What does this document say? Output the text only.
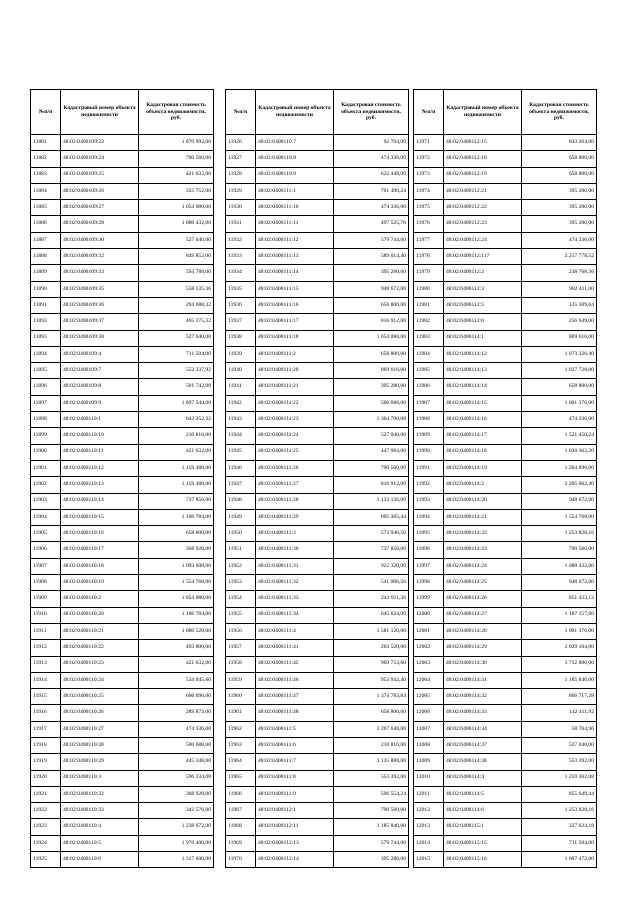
№п/п	Кадастровый номер объекта недвижимости	Кадастровая стоимость объекта недвижимости, руб.
11881	48:02:0400109:22	1 870 992,00
11882	48:02:0400109:24	790 560,00
11883	48:02:0400109:25	421 632,00
11884	48:02:0400109:26	355 752,00
11885	48:02:0400109:27	1 054 080,00
11886	48:02:0400109:28	1 080 432,00
11887	48:02:0400109:30	527 040,00
11888	48:02:0400109:32	849 852,00
11889	48:02:0400109:33	594 788,00
11890	48:02:0400109:35	558 135,36
11891	48:02:0400109:36	294 088,32
11892	48:02:0400109:37	465 375,32
11893	48:02:0400109:38	527 040,00
11894	48:02:0400109:4	711 504,00
11895	48:02:0400109:7	552 337,92
11896	48:02:0400109:8	501 742,08
11897	48:02:0400109:9	1 897 344,00
11898	48:02:0400110:1	643 252,32
11899	48:02:0400110:10	210 816,00
11900	48:02:0400110:11	421 632,00
11901	48:02:0400110:12	1 159 488,00
11902	48:02:0400110:13	1 159 488,00
11903	48:02:0400110:14	737 856,00
11904	48:02:0400110:15	1 106 784,00
11905	48:02:0400110:16	658 800,00
11906	48:02:0400110:17	368 928,00
11907	48:02:0400110:18	1 093 608,00
11908	48:02:0400110:19	1 554 768,00
11909	48:02:0400110:2	1 054 080,00
11910	48:02:0400110:20	1 106 784,00
11911	48:02:0400110:21	1 080 528,00
11912	48:02:0400110:22	493 800,00
11913	48:02:0400110:23	421 632,00
11914	48:02:0400110:24	534 945,60
11915	48:02:0400110:25	606 096,00
11916	48:02:0400110:26	289 872,00
11917	48:02:0400110:27	474 336,00
11918	48:02:0400110:28	500 688,00
11919	48:02:0400110:29	445 348,80
11920	48:02:0400110:3	596 334,08
11921	48:02:0400110:32	368 928,00
11922	48:02:0400110:33	342 576,00
11923	48:02:0400110:4	1 238 072,00
11924	48:02:0400110:5	1 976 400,00
11925	48:02:0400110:6	1 317 600,00
№п/п	Кадастровый номер объекта недвижимости	Кадастровая стоимость объекта недвижимости, руб.
11926	48:02:0400110:7	92 704,00
11927	48:02:0400110:8	474 336,00
11928	48:02:0400110:9	632 448,00
11929	48:02:0400111:1	701 490,24
11930	48:02:0400111:10	474 336,00
11931	48:02:0400111:11	497 525,76
11932	48:02:0400111:12	579 744,00
11933	48:02:0400111:13	589 014,40
11934	48:02:0400111:14	395 280,00
11935	48:02:0400111:15	948 672,00
11936	48:02:0400111:16	658 800,00
11937	48:02:0400111:17	816 912,00
11938	48:02:0400111:18	1 054 080,00
11939	48:02:0400111:2	658 800,00
11940	48:02:0400111:20	869 616,00
11941	48:02:0400111:21	395 280,00
11942	48:02:0400111:22	500 688,00
11943	48:02:0400111:23	1 364 790,08
11944	48:02:0400111:24	527 040,00
11945	48:02:0400111:25	447 984,00
11946	48:02:0400111:26	790 560,00
11947	48:02:0400111:27	816 912,00
11948	48:02:0400111:28	1 133 136,00
11949	48:02:0400111:29	605 305,44
11950	48:02:0400111:3	573 946,56
11951	48:02:0400111:30	737 856,00
11952	48:02:0400111:31	922 320,00
11953	48:02:0400111:32	541 006,56
11954	48:02:0400111:33	241 911,36
11955	48:02:0400111:34	645 624,00
11956	48:02:0400111:4	1 581 120,00
11957	48:02:0400111:41	263 520,00
11958	48:02:0400111:45	969 753,60
11959	48:02:0400111:46	953 942,40
11960	48:02:0400111:47	1 374 783,84
11961	48:02:0400111:48	658 800,00
11962	48:02:0400111:5	3 267 648,00
11963	48:02:0400111:6	210 816,00
11964	48:02:0400111:7	3 135 888,00
11965	48:02:0400111:8	553 392,00
11966	48:02:0400111:9	596 554,24
11967	48:02:0400112:1	790 560,00
11968	48:02:0400112:11	1 185 840,00
11969	48:02:0400112:13	579 744,00
11970	48:02:0400112:14	395 280,00
№п/п	Кадастровый номер объекта недвижимости	Кадастровая стоимость объекта недвижимости, руб.
11971	48:02:0400112:15	843 264,00
11972	48:02:0400112:18	658 800,00
11973	48:02:0400112:19	658 800,00
11974	48:02:0400112:21	395 280,00
11975	48:02:0400112:22	395 280,00
11976	48:02:0400112:23	395 280,00
11977	48:02:0400112:24	474 336,00
11978	48:02:0400112:117	2 217 778,52
11979	48:02:0400112:2	238 768,36
11980	48:02:0400112:3	902 411,00
11981	48:02:0400112:5	125 509,64
11982	48:02:0400112:6	256 649,00
11983	48:02:0400114:1	869 616,00
11984	48:02:0400114:12	1 073 326,40
11985	48:02:0400114:13	1 027 728,00
11986	48:02:0400114:14	658 800,00
11987	48:02:0400114:15	1 001 376,00
11988	48:02:0400114:16	474 336,00
11989	48:02:0400114:17	1 521 450,24
11990	48:02:0400114:18	1 030 363,20
11991	48:02:0400114:19	1 264 896,00
11992	48:02:0400114:2	2 205 662,40
11993	48:02:0400114:20	948 672,00
11994	48:02:0400114:21	1 554 768,00
11995	48:02:0400114:22	1 253 828,16
11996	48:02:0400114:23	790 560,00
11997	48:02:0400114:24	1 080 432,00
11998	48:02:0400114:25	948 672,00
11999	48:02:0400114:26	851 433,12
12000	48:02:0400114:27	1 187 157,60
12001	48:02:0400114:28	1 001 376,00
12002	48:02:0400114:29	2 029 104,00
12003	48:02:0400114:30	1 712 880,00
12004	48:02:0400114:31	1 185 840,00
12005	48:02:0400114:32	866 717,28
12006	48:02:0400114:33	142 411,92
12007	48:02:0400114:34	58 764,96
12008	48:02:0400114:37	527 040,00
12009	48:02:0400114:38	553 392,00
12010	48:02:0400114:4	1 259 362,08
12011	48:02:0400114:5	855 649,44
12012	48:02:0400114:6	1 253 828,16
12013	48:02:0400115:1	327 624,18
12014	48:02:0400115:15	711 504,00
12015	48:02:0400115:16	1 607 472,00
